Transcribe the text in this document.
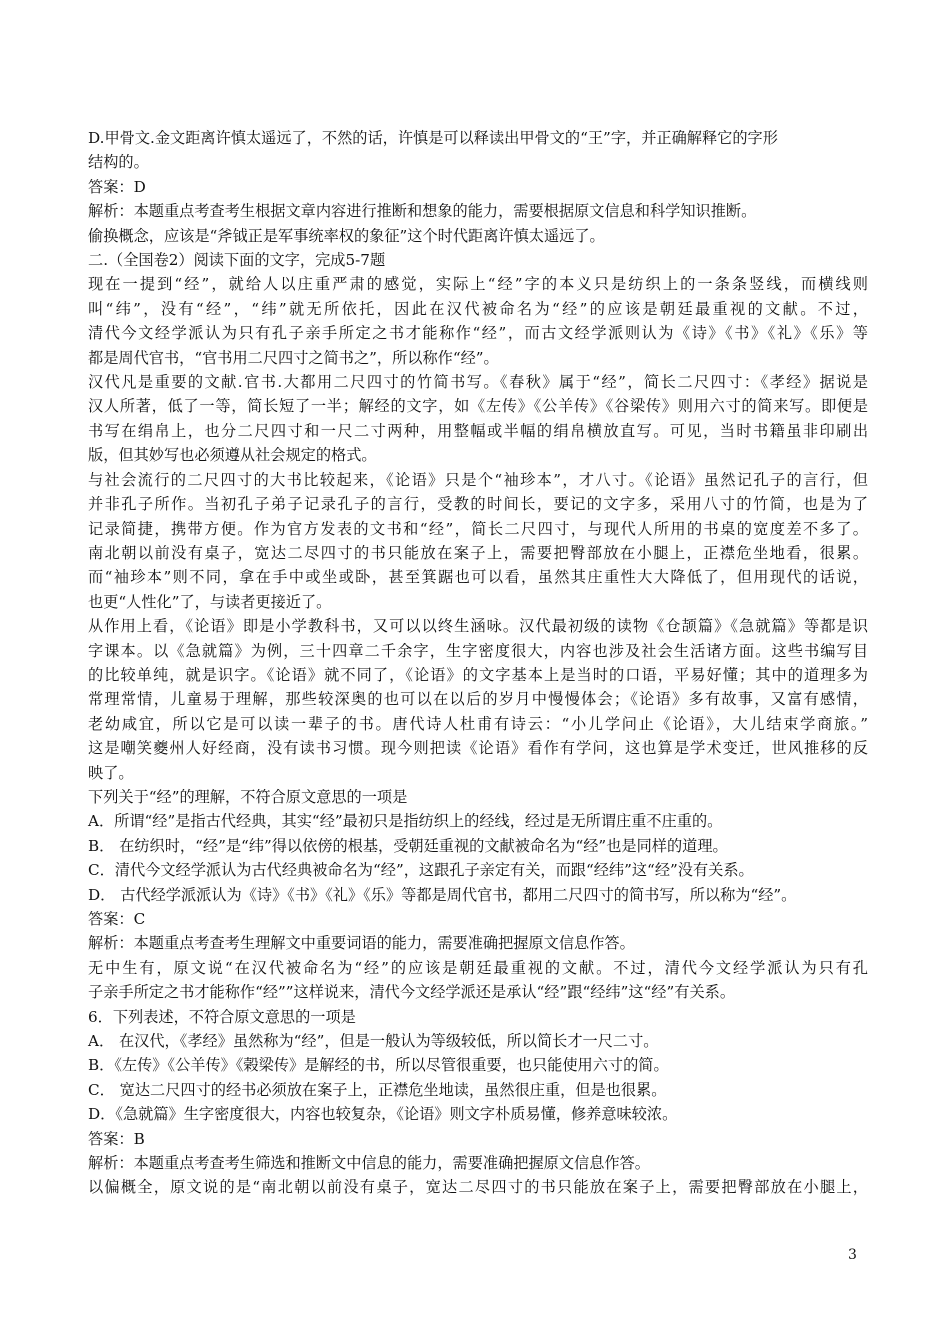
D.甲骨文.金文距离许慎太遥远了，不然的话，许慎是可以释读出甲骨文的“王”字，并正确解释它的字形

结构的。

答案：D

解析：本题重点考查考生根据文章内容进行推断和想象的能力，需要根据原文信息和科学知识推断。

偷换概念，应该是“斧钺正是军事统率权的象征”这个时代距离许慎太遥远了。

二.（全国卷2）阅读下面的文字，完成5-7题

现在一提到“经”，就给人以庄重严肃的感觉，实际上“经”字的本义只是纺织上的一条条竖线，而横线则

叫“纬”，没有“经”，“纬”就无所依托，因此在汉代被命名为“经”的应该是朝廷最重视的文献。不过，

清代今文经学派认为只有孔子亲手所定之书才能称作“经”，而古文经学派则认为《诗》《书》《礼》《乐》等

都是周代官书，“官书用二尺四寸之简书之”，所以称作“经”。

汉代凡是重要的文献.官书.大都用二尺四寸的竹简书写。《春秋》属于“经”，简长二尺四寸：《孝经》据说是

汉人所著，低了一等，简长短了一半；解经的文字，如《左传》《公羊传》《谷梁传》则用六寸的简来写。即便是

书写在绢帛上，也分二尺四寸和一尺二寸两种，用整幅或半幅的绢帛横放直写。可见，当时书籍虽非印刷出

版，但其妙写也必须遵从社会规定的格式。

与社会流行的二尺四寸的大书比较起来，《论语》只是个“袖珍本”，才八寸。《论语》虽然记孔子的言行，但

并非孔子所作。当初孔子弟子记录孔子的言行，受教的时间长，要记的文字多，采用八寸的竹简，也是为了

记录简捷，携带方便。作为官方发表的文书和“经”，简长二尺四寸，与现代人所用的书桌的宽度差不多了。

南北朝以前没有桌子，宽达二尽四寸的书只能放在案子上，需要把臀部放在小腿上，正襟危坐地看，很累。

而“袖珍本”则不同，拿在手中或坐或卧，甚至箕踞也可以看，虽然其庄重性大大降低了，但用现代的话说，

也更“人性化”了，与读者更接近了。

从作用上看，《论语》即是小学教科书，又可以以终生涵咏。汉代最初级的读物《仓颉篇》《急就篇》等都是识

字课本。以《急就篇》为例，三十四章二千余字，生字密度很大，内容也涉及社会生活诸方面。这些书编写目

的比较单纯，就是识字。《论语》就不同了，《论语》的文字基本上是当时的口语，平易好懂；其中的道理多为

常理常情，儿童易于理解，那些较深奥的也可以在以后的岁月中慢慢体会；《论语》多有故事，又富有感情，

老幼咸宜，所以它是可以读一辈子的书。唐代诗人杜甫有诗云：“小儿学问止《论语》，大儿结束学商旅。”

这是嘲笑夔州人好经商，没有读书习惯。现今则把读《论语》看作有学问，这也算是学术变迁，世风推移的反

映了。

下列关于“经”的理解，不符合原文意思的一项是

A．所谓“经”是指古代经典，其实“经”最初只是指纺织上的经线，经过是无所谓庄重不庄重的。

B． 在纺织时，“经”是“纬”得以依傍的根基，受朝廷重视的文献被命名为“经”也是同样的道理。

C．清代今文经学派认为古代经典被命名为“经”，这跟孔子亲定有关，而跟“经纬”这“经”没有关系。

D． 古代经学派派认为《诗》《书》《礼》《乐》等都是周代官书，都用二尺四寸的简书写，所以称为“经”。

答案：C

解析：本题重点考查考生理解文中重要词语的能力，需要准确把握原文信息作答。

无中生有，原文说“在汉代被命名为“经”的应该是朝廷最重视的文献。不过，清代今文经学派认为只有孔

子亲手所定之书才能称作“经””这样说来，清代今文经学派还是承认“经”跟“经纬”这“经”有关系。

6．下列表述，不符合原文意思的一项是

A． 在汉代，《孝经》虽然称为“经”，但是一般认为等级较低，所以简长才一尺二寸。

B．《左传》《公羊传》《榖梁传》是解经的书，所以尽管很重要，也只能使用六寸的简。

C． 宽达二尺四寸的经书必须放在案子上，正襟危坐地读，虽然很庄重，但是也很累。

D．《急就篇》生字密度很大，内容也较复杂，《论语》则文字朴质易懂，修养意味较浓。

答案：B

解析：本题重点考查考生筛选和推断文中信息的能力，需要准确把握原文信息作答。

以偏概全，原文说的是“南北朝以前没有桌子，宽达二尽四寸的书只能放在案子上，需要把臀部放在小腿上，

3
